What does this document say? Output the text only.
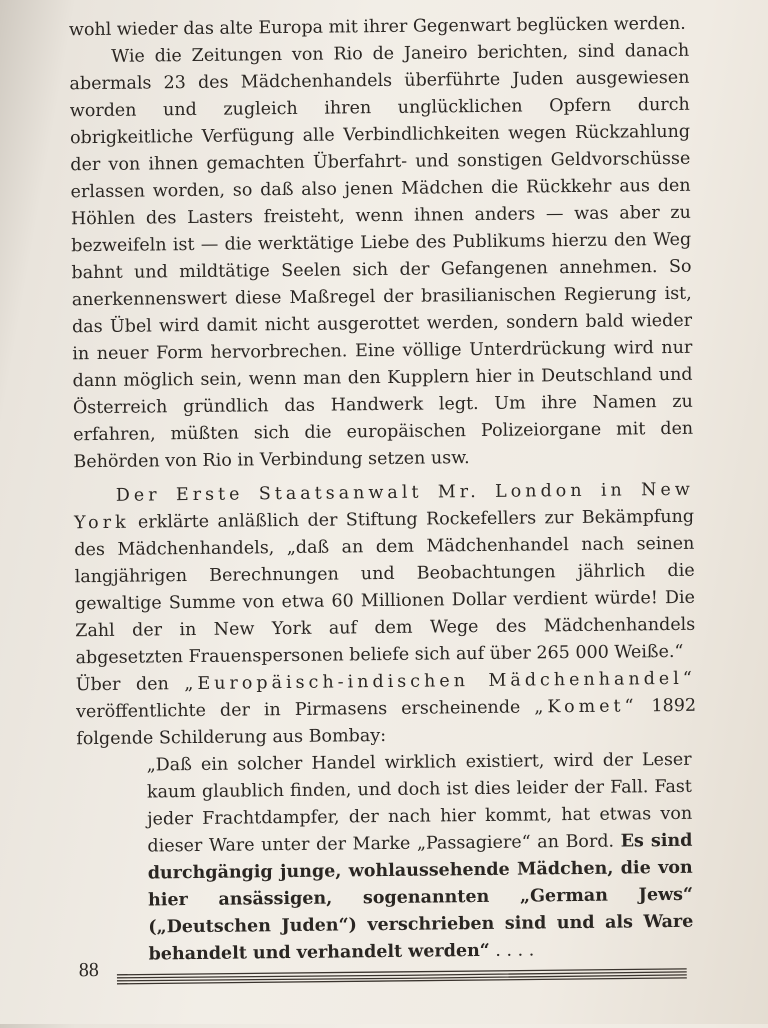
wohl wieder das alte Europa mit ihrer Gegenwart beglücken werden.

Wie die Zeitungen von Rio de Janeiro berichten, sind danach abermals 23 des Mädchenhandels überführte Juden ausgewiesen worden und zugleich ihren unglücklichen Opfern durch obrigkeitliche Verfügung alle Verbindlichkeiten wegen Rückzahlung der von ihnen gemachten Überfahrt- und sonstigen Geldvorschüsse erlassen worden, so daß also jenen Mädchen die Rückkehr aus den Höhlen des Lasters freisteht, wenn ihnen anders — was aber zu bezweifeln ist — die werktätige Liebe des Publikums hierzu den Weg bahnt und mildtätige Seelen sich der Gefangenen annehmen. So anerkennenswert diese Maßregel der brasilianischen Regierung ist, das Übel wird damit nicht ausgerottet werden, sondern bald wieder in neuer Form hervorbrechen. Eine völlige Unterdrückung wird nur dann möglich sein, wenn man den Kupplern hier in Deutschland und Österreich gründlich das Handwerk legt. Um ihre Namen zu erfahren, müßten sich die europäischen Polizeiorgane mit den Behörden von Rio in Verbindung setzen usw.

Der Erste Staatsanwalt Mr. London in New York erklärte anläßlich der Stiftung Rockefellers zur Bekämpfung des Mädchenhandels, „daß an dem Mädchenhandel nach seinen langjährigen Berechnungen und Beobachtungen jährlich die gewaltige Summe von etwa 60 Millionen Dollar verdient würde! Die Zahl der in New York auf dem Wege des Mädchenhandels abgesetzten Frauenspersonen beliefe sich auf über 265 000 Weiße.“

Über den „Europäisch-indischen Mädchenhandel“ veröffentlichte der in Pirmasens erscheinende „Komet“ 1892 folgende Schilderung aus Bombay:

„Daß ein solcher Handel wirklich existiert, wird der Leser kaum glaublich finden, und doch ist dies leider der Fall. Fast jeder Frachtdampfer, der nach hier kommt, hat etwas von dieser Ware unter der Marke „Passagiere“ an Bord. Es sind durchgängig junge, wohlaussehende Mädchen, die von hier ansässigen, sogenannten „German Jews“ („Deutschen Juden“) verschrieben sind und als Ware behandelt und verhandelt werden“ . . . .

88
